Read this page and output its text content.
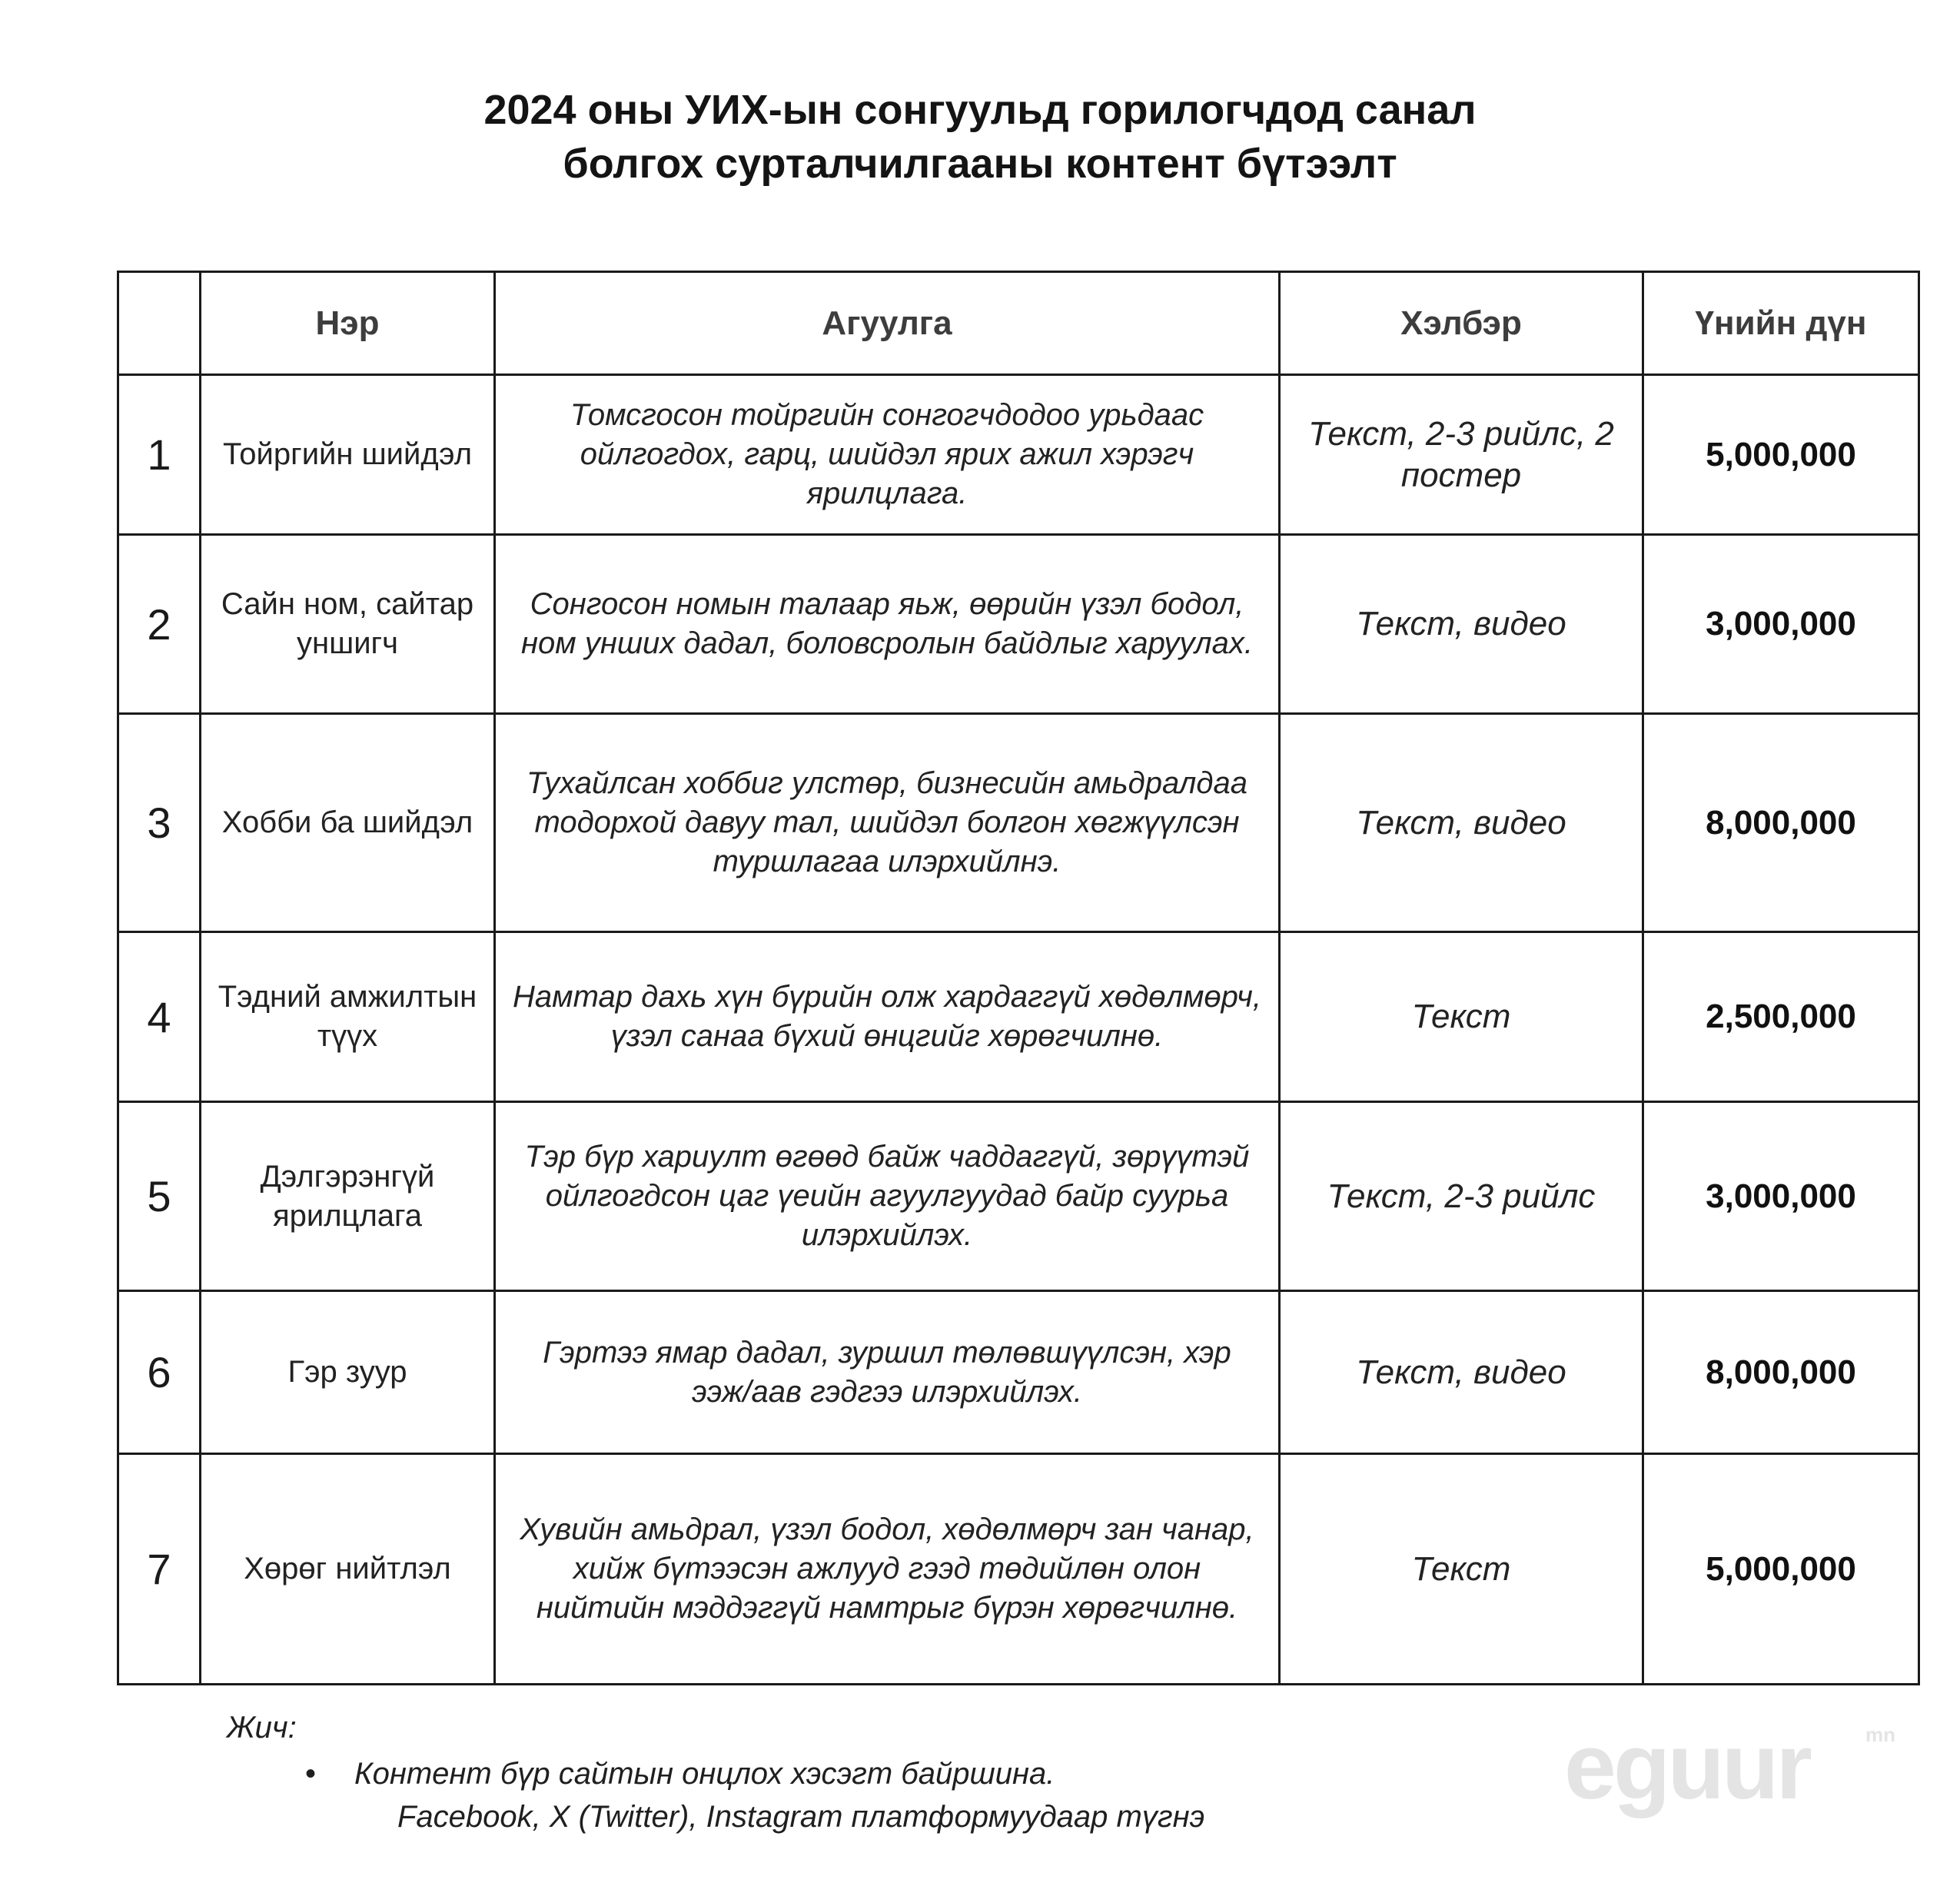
2024 оны УИХ-ын сонгуульд горилогчдод санал
болгох сурталчилгааны контент бүтээлт
	Нэр	Агуулга	Хэлбэр	Үнийн дүн
1	Тойргийн шийдэл	Томсгосон тойргийн сонгогчдодоо урьдаас ойлгогдох, гарц, шийдэл ярих ажил хэрэгч ярилцлага.	Текст, 2-3 рийлс, 2 постер	5,000,000
2	Сайн ном, сайтар уншигч	Сонгосон номын талаар яьж, өөрийн үзэл бодол, ном унших дадал, боловсролын байдлыг харуулах.	Текст, видео	3,000,000
3	Хобби ба шийдэл	Тухайлсан хоббиг улстөр, бизнесийн амьдралдаа тодорхой давуу тал, шийдэл болгон хөгжүүлсэн туршлагаа илэрхийлнэ.	Текст, видео	8,000,000
4	Тэдний амжилтын түүх	Намтар дахь хүн бүрийн олж хардаггүй хөдөлмөрч, үзэл санаа бүхий өнцгийг хөрөгчилнө.	Текст	2,500,000
5	Дэлгэрэнгүй ярилцлага	Тэр бүр хариулт өгөөд байж чаддаггүй, зөрүүтэй ойлгогдсон цаг үеийн агуулгуудад байр суурьа илэрхийлэх.	Текст, 2-3 рийлс	3,000,000
6	Гэр зуур	Гэртээ ямар дадал, зуршил төлөвшүүлсэн, хэр ээж/аав гэдгээ илэрхийлэх.	Текст, видео	8,000,000
7	Хөрөг нийтлэл	Хувийн амьдрал, үзэл бодол, хөдөлмөрч зан чанар, хийж бүтээсэн ажлууд гээд төдийлөн олон нийтийн мэддэггүй намтрыг бүрэн хөрөгчилнө.	Текст	5,000,000
Жич:
• Контент бүр сайтын онцлох хэсэгт байршина.
Facebook, X (Twitter), Instagram платформуудаар түгнэ	eguur	mn
